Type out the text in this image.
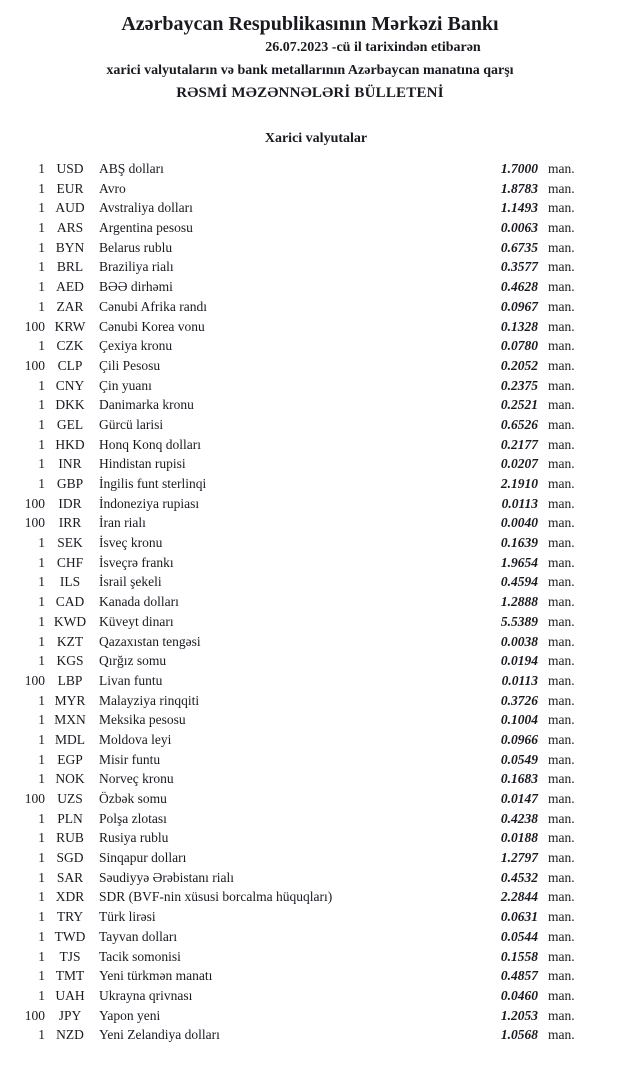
Azərbaycan Respublikasının Mərkəzi Bankı
26.07.2023 -cü il tarixindən etibarən
xarici valyutaların və bank metallarının Azərbaycan manatına qarşı
RƏSMİ MƏZƏNNƏLƏRİ BÜLLETENİ
Xarici valyutalar
1 USD	ABŞ dolları	1.7000 man.
1 EUR	Avro	1.8783 man.
1 AUD	Avstraliya dolları	1.1493 man.
1 ARS	Argentina pesosu	0.0063 man.
1 BYN	Belarus rublu	0.6735 man.
1 BRL	Braziliya rialı	0.3577 man.
1 AED	BƏƏ dirhəmi	0.4628 man.
1 ZAR	Cənubi Afrika randı	0.0967 man.
100 KRW	Cənubi Korea vonu	0.1328 man.
1 CZK	Çexiya kronu	0.0780 man.
100 CLP	Çili Pesosu	0.2052 man.
1 CNY	Çin yuanı	0.2375 man.
1 DKK	Danimarka kronu	0.2521 man.
1 GEL	Gürcü larisi	0.6526 man.
1 HKD	Honq Konq dolları	0.2177 man.
1 INR	Hindistan rupisi	0.0207 man.
1 GBP	İngilis funt sterlinqi	2.1910 man.
100 IDR	İndoneziya rupiası	0.0113 man.
100	IRR	İran rialı	0.0040 man.
1 SEK	İsveç kronu	0.1639 man.
1 CHF	İsveçrə frankı	1.9654 man.
1	ILS	İsrail şekeli	0.4594 man.
1 CAD	Kanada dolları	1.2888 man.
1 KWD Küveyt dinarı	5.5389 man.
1 KZT	Qazaxıstan tengəsi	0.0038 man.
1 KGS	Qırğız somu	0.0194 man.
100 LBP	Livan funtu	0.0113 man.
1 MYR	Malayziya rinqqiti	0.3726 man.
1 MXN Meksika pesosu	0.1004 man.
1 MDL	Moldova leyi	0.0966 man.
1 EGP	Misir funtu	0.0549 man.
1 NOK	Norveç kronu	0.1683 man.
100 UZS	Özbək somu	0.0147 man.
1 PLN	Polşa zlotası	0.4238 man.
1 RUB	Rusiya rublu	0.0188 man.
1 SGD	Sinqapur dolları	1.2797 man.
1 SAR	Səudiyyə Ərəbistanı rialı	0.4532 man.
1 XDR	SDR (BVF-nin xüsusi borcalma hüquqları)	2.2844 man.
1 TRY	Türk lirəsi	0.0631 man.
1 TWD	Tayvan dolları	0.0544 man.
1	TJS	Tacik somonisi	0.1558 man.
1 TMT	Yeni türkmən manatı	0.4857 man.
1 UAH	Ukrayna qrivnası	0.0460 man.
100	JPY	Yapon yeni	1.2053 man.
1 NZD	Yeni Zelandiya dolları	1.0568 man.
